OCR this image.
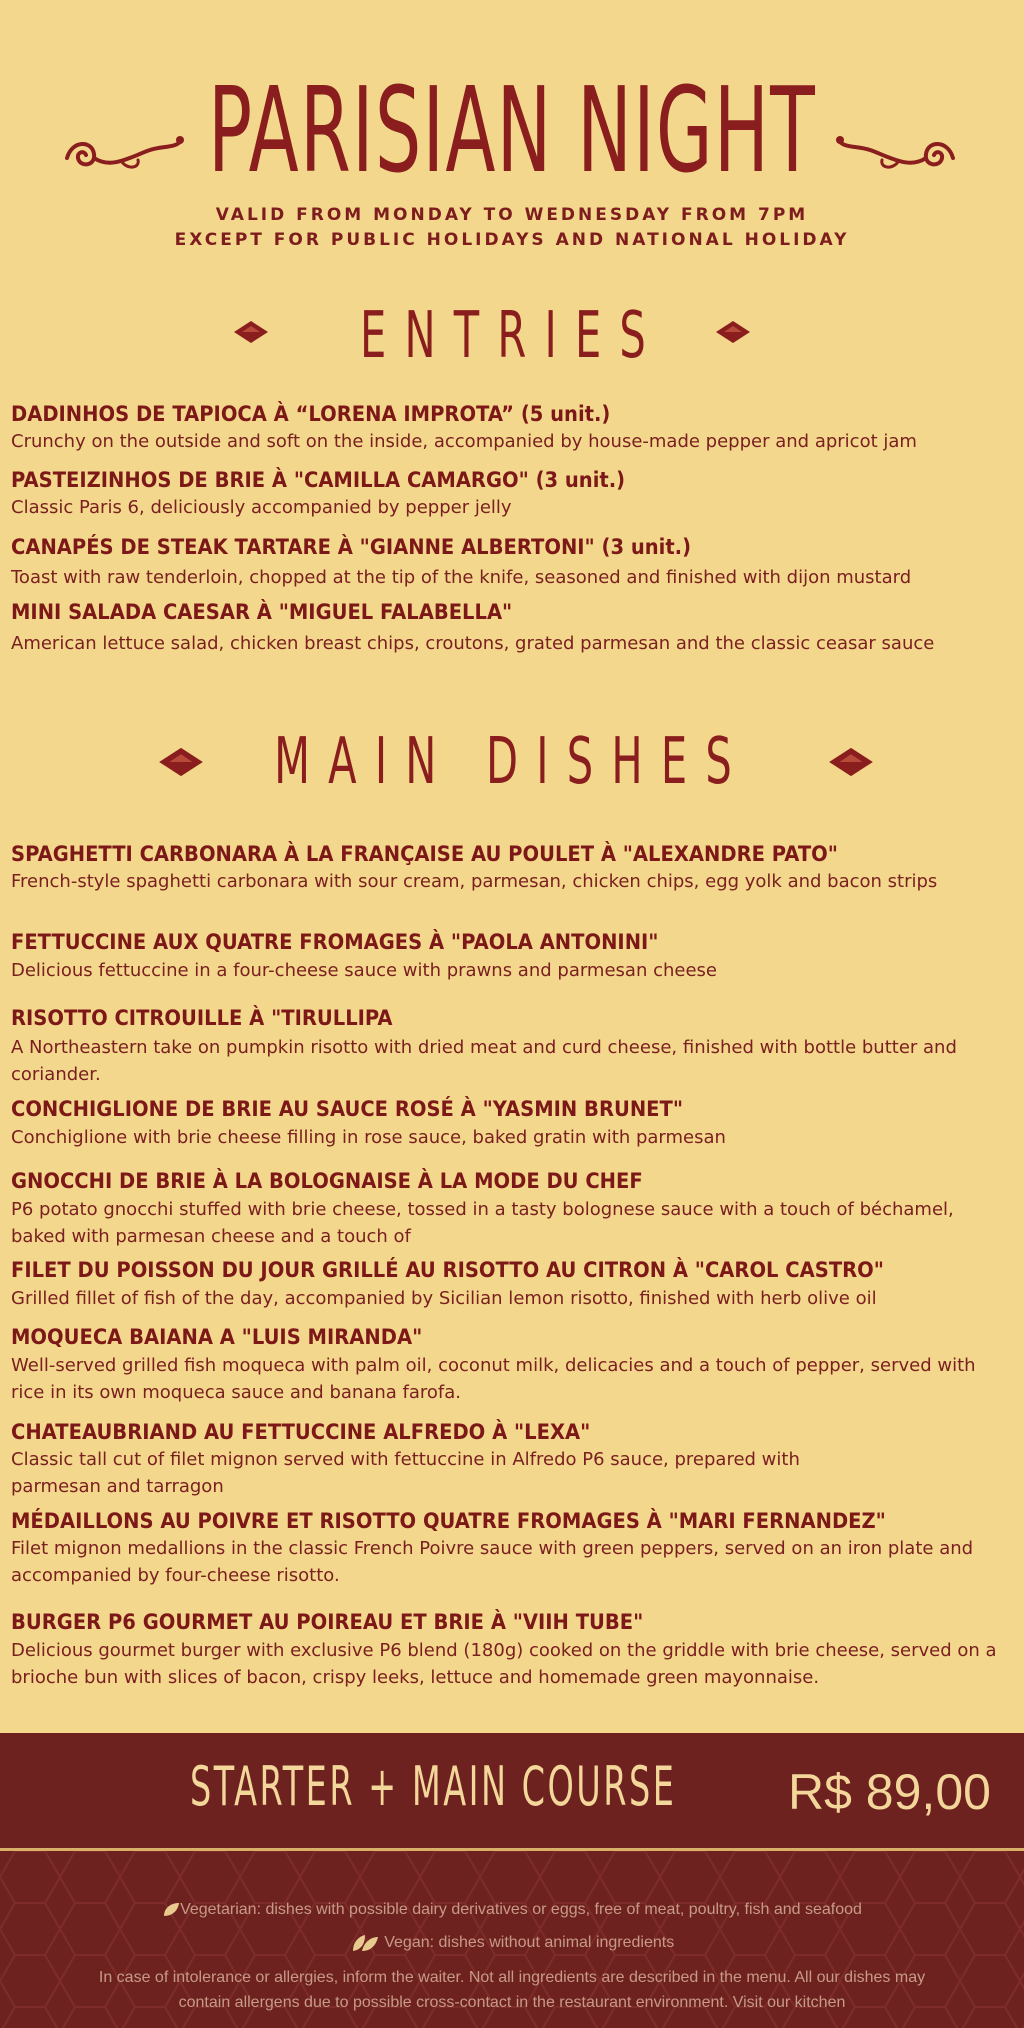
PARISIAN NIGHT
VALID FROM MONDAY TO WEDNESDAY FROM 7PM
EXCEPT FOR PUBLIC HOLIDAYS AND NATIONAL HOLIDAY
ENTRIES
DADINHOS DE TAPIOCA À “LORENA IMPROTA” (5 unit.)
Crunchy on the outside and soft on the inside, accompanied by house-made pepper and apricot jam
PASTEIZINHOS DE BRIE À "CAMILLA CAMARGO" (3 unit.)
Classic Paris 6, deliciously accompanied by pepper jelly
CANAPÉS DE STEAK TARTARE À "GIANNE ALBERTONI" (3 unit.)
Toast with raw tenderloin, chopped at the tip of the knife, seasoned and finished with dijon mustard
MINI SALADA CAESAR À "MIGUEL FALABELLA"
American lettuce salad, chicken breast chips, croutons, grated parmesan and the classic ceasar sauce
MAIN DISHES
SPAGHETTI CARBONARA À LA FRANÇAISE AU POULET À "ALEXANDRE PATO"
French-style spaghetti carbonara with sour cream, parmesan, chicken chips, egg yolk and bacon strips
FETTUCCINE AUX QUATRE FROMAGES À "PAOLA ANTONINI"
Delicious fettuccine in a four-cheese sauce with prawns and parmesan cheese
RISOTTO CITROUILLE À "TIRULLIPA
A Northeastern take on pumpkin risotto with dried meat and curd cheese, finished with bottle butter and coriander.
CONCHIGLIONE DE BRIE AU SAUCE ROSÉ À "YASMIN BRUNET"
Conchiglione with brie cheese filling in rose sauce, baked gratin with parmesan
GNOCCHI DE BRIE À LA BOLOGNAISE À LA MODE DU CHEF
P6 potato gnocchi stuffed with brie cheese, tossed in a tasty bolognese sauce with a touch of béchamel, baked with parmesan cheese and a touch of
FILET DU POISSON DU JOUR GRILLÉ AU RISOTTO AU CITRON À "CAROL CASTRO"
Grilled fillet of fish of the day, accompanied by Sicilian lemon risotto, finished with herb olive oil
MOQUECA BAIANA A "LUIS MIRANDA"
Well-served grilled fish moqueca with palm oil, coconut milk, delicacies and a touch of pepper, served with rice in its own moqueca sauce and banana farofa.
CHATEAUBRIAND AU FETTUCCINE ALFREDO À "LEXA"
Classic tall cut of filet mignon served with fettuccine in Alfredo P6 sauce, prepared with parmesan and tarragon
MÉDAILLONS AU POIVRE ET RISOTTO QUATRE FROMAGES À "MARI FERNANDEZ"
Filet mignon medallions in the classic French Poivre sauce with green peppers, served on an iron plate and accompanied by four-cheese risotto.
BURGER P6 GOURMET AU POIREAU ET BRIE À "VIIH TUBE"
Delicious gourmet burger with exclusive P6 blend (180g) cooked on the griddle with brie cheese, served on a brioche bun with slices of bacon, crispy leeks, lettuce and homemade green mayonnaise.
STARTER + MAIN COURSE R$ 89,00
Vegetarian: dishes with possible dairy derivatives or eggs, free of meat, poultry, fish and seafood
Vegan: dishes without animal ingredients
In case of intolerance or allergies, inform the waiter. Not all ingredients are described in the menu. All our dishes may
contain allergens due to possible cross-contact in the restaurant environment. Visit our kitchen
